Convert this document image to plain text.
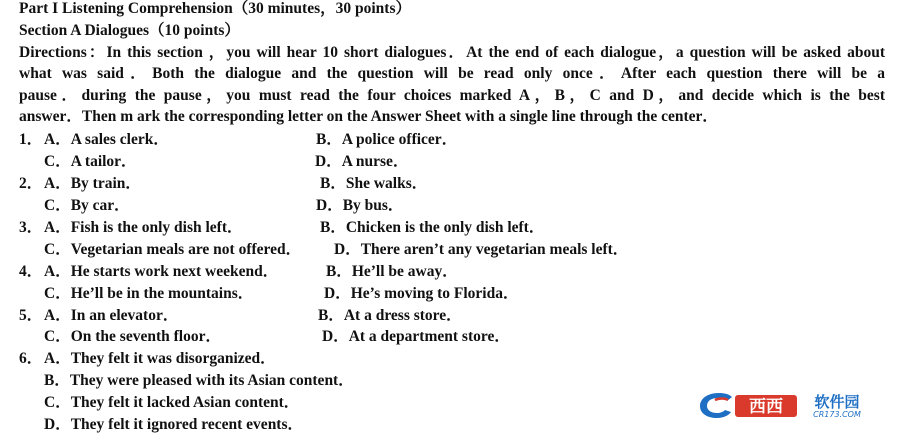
Part I Listening Comprehension（30 minutes，30 points）
Section A Dialogues（10 points）
Directions：In this section ，you will hear 10 short dialogues．At the end of each dialogue，a question will be asked about
what was said．Both the dialogue and the question will be read only once．After each question there will be a
pause．during the pause，you must read the four choices marked A，B，C and D，and decide which is the best
answer．Then m ark the corresponding letter on the Answer Sheet with a single line through the center．
1． A．A sales clerk．	B．A police officer．
C．A tailor．	D．A nurse．
2． A．By train．	B．She walks．
C．By car．	D．By bus．
3． A．Fish is the only dish left．	B．Chicken is the only dish left．
C．Vegetarian meals are not offered． D．There aren’t any vegetarian meals left．
4． A．He starts work next weekend．	B．He’ll be away．
C．He’ll be in the mountains．	D．He’s moving to Florida．
5． A．In an elevator．	B．At a dress store．
C．On the seventh floor．	D．At a department store．
6． A．They felt it was disorganized．
B．They were pleased with its Asian content．
C．They felt it lacked Asian content．
D．They felt it ignored recent events．
西西	CR173.COM
软件园
